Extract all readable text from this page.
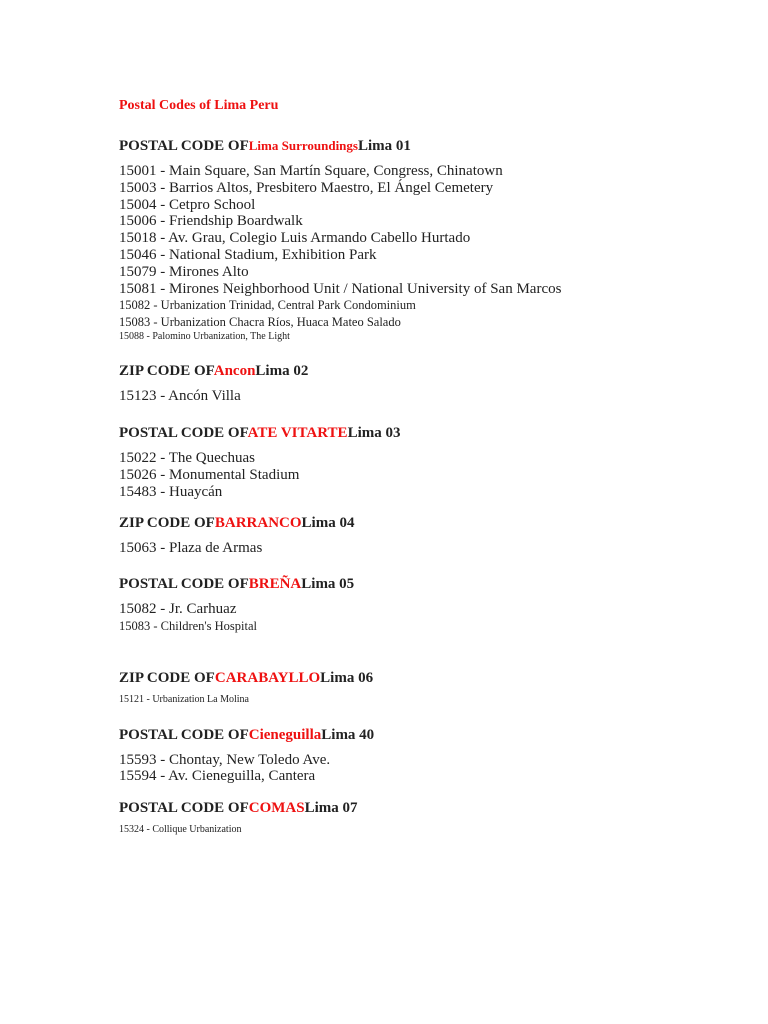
Postal Codes of Lima Peru
POSTAL CODE OFLima SurroundingsLima 01
15001 - Main Square, San Martín Square, Congress, Chinatown
15003 - Barrios Altos, Presbitero Maestro, El Ángel Cemetery
15004 - Cetpro School
15006 - Friendship Boardwalk
15018 - Av. Grau, Colegio Luis Armando Cabello Hurtado
15046 - National Stadium, Exhibition Park
15079 - Mirones Alto
15081 - Mirones Neighborhood Unit / National University of San Marcos
15082 - Urbanization Trinidad, Central Park Condominium
15083 - Urbanization Chacra Ríos, Huaca Mateo Salado
15088 - Palomino Urbanization, The Light
ZIP CODE OFAnconLima 02
15123 - Ancón Villa
POSTAL CODE OFATE VITARTELima 03
15022 - The Quechuas
15026 - Monumental Stadium
15483 - Huaycán
ZIP CODE OFBARRANCOLima 04
15063 - Plaza de Armas
POSTAL CODE OFBREÑALima 05
15082 - Jr. Carhuaz
15083 - Children's Hospital
ZIP CODE OFCARABAYLLOLima 06
15121 - Urbanization La Molina
POSTAL CODE OFCieneguillaLima 40
15593 - Chontay, New Toledo Ave.
15594 - Av. Cieneguilla, Cantera
POSTAL CODE OFCOMASLima 07
15324 - Collique Urbanization
